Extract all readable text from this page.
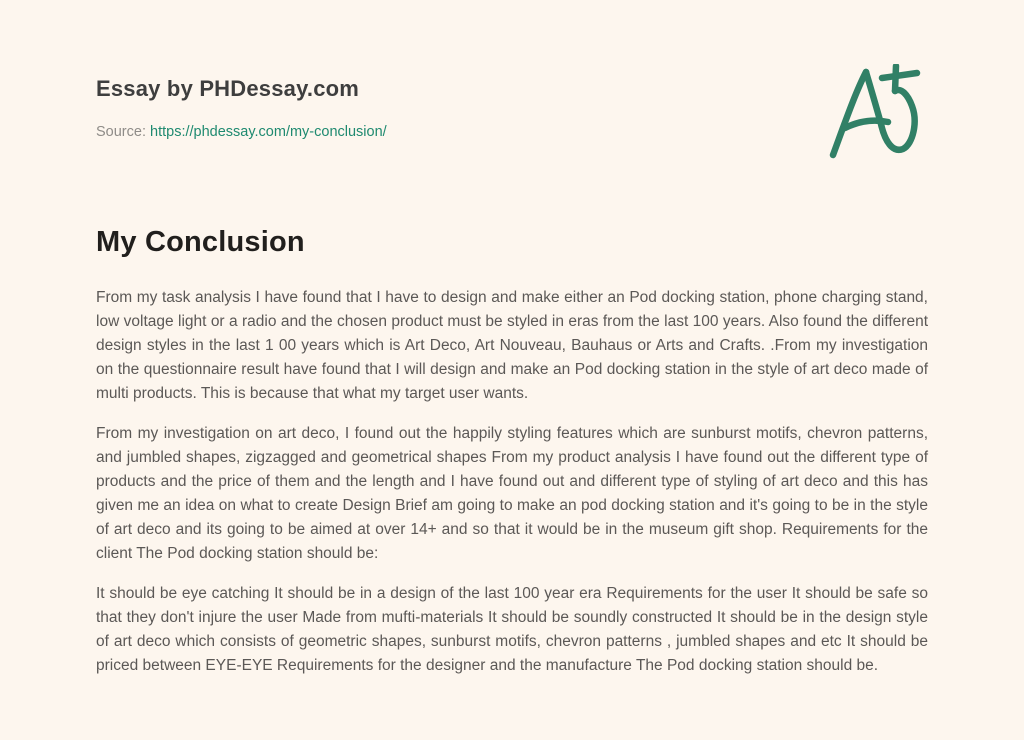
Essay by PHDessay.com
Source: https://phdessay.com/my-conclusion/
My Conclusion

From my task analysis I have found that I have to design and make either an Pod docking station, phone charging stand, low voltage light or a radio and the chosen product must be styled in eras from the last 100 years. Also found the different design styles in the last 1 00 years which is Art Deco, Art Nouveau, Bauhaus or Arts and Crafts. .From my investigation on the questionnaire result have found that I will design and make an Pod docking station in the style of art deco made of multi products. This is because that what my target user wants.

From my investigation on art deco, I found out the happily styling features which are sunburst motifs, chevron patterns, and jumbled shapes, zigzagged and geometrical shapes From my product analysis I have found out the different type of products and the price of them and the length and I have found out and different type of styling of art deco and this has given me an idea on what to create Design Brief am going to make an pod docking station and it's going to be in the style of art deco and its going to be aimed at over 14+ and so that it would be in the museum gift shop. Requirements for the client The Pod docking station should be:

It should be eye catching It should be in a design of the last 100 year era Requirements for the user It should be safe so that they don't injure the user Made from mufti-materials It should be soundly constructed It should be in the design style of art deco which consists of geometric shapes, sunburst motifs, chevron patterns , jumbled shapes and etc It should be priced between EYE-EYE Requirements for the designer and the manufacture The Pod docking station should be.
